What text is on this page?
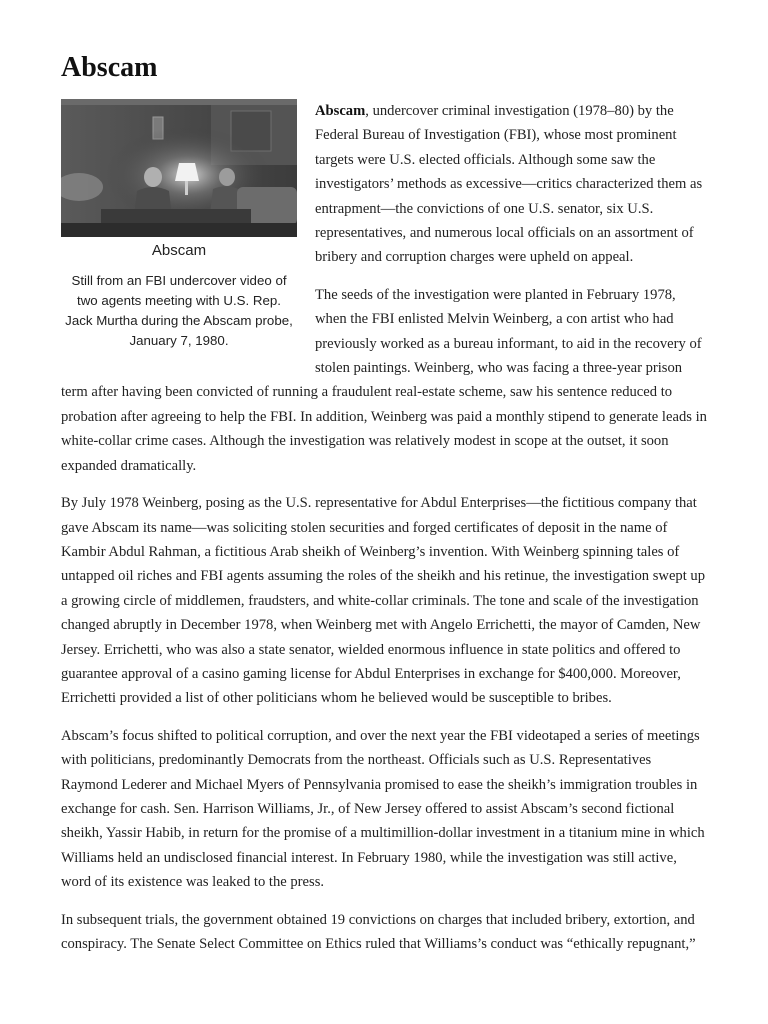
Abscam
Abscam
Still from an FBI undercover video of two agents meeting with U.S. Rep. Jack Murtha during the Abscam probe, January 7, 1980.

Abscam, undercover criminal investigation (1978–80) by the Federal Bureau of Investigation (FBI), whose most prominent targets were U.S. elected officials. Although some saw the investigators’ methods as excessive—critics characterized them as entrapment—the convictions of one U.S. senator, six U.S. representatives, and numerous local officials on an assortment of bribery and corruption charges were upheld on appeal.

The seeds of the investigation were planted in February 1978, when the FBI enlisted Melvin Weinberg, a con artist who had previously worked as a bureau informant, to aid in the recovery of stolen paintings. Weinberg, who was facing a three-year prison term after having been convicted of running a fraudulent real-estate scheme, saw his sentence reduced to probation after agreeing to help the FBI. In addition, Weinberg was paid a monthly stipend to generate leads in white-collar crime cases. Although the investigation was relatively modest in scope at the outset, it soon expanded dramatically.

By July 1978 Weinberg, posing as the U.S. representative for Abdul Enterprises—the fictitious company that gave Abscam its name—was soliciting stolen securities and forged certificates of deposit in the name of Kambir Abdul Rahman, a fictitious Arab sheikh of Weinberg’s invention. With Weinberg spinning tales of untapped oil riches and FBI agents assuming the roles of the sheikh and his retinue, the investigation swept up a growing circle of middlemen, fraudsters, and white-collar criminals. The tone and scale of the investigation changed abruptly in December 1978, when Weinberg met with Angelo Errichetti, the mayor of Camden, New Jersey. Errichetti, who was also a state senator, wielded enormous influence in state politics and offered to guarantee approval of a casino gaming license for Abdul Enterprises in exchange for $400,000. Moreover, Errichetti provided a list of other politicians whom he believed would be susceptible to bribes.

Abscam’s focus shifted to political corruption, and over the next year the FBI videotaped a series of meetings with politicians, predominantly Democrats from the northeast. Officials such as U.S. Representatives Raymond Lederer and Michael Myers of Pennsylvania promised to ease the sheikh’s immigration troubles in exchange for cash. Sen. Harrison Williams, Jr., of New Jersey offered to assist Abscam’s second fictional sheikh, Yassir Habib, in return for the promise of a multimillion-dollar investment in a titanium mine in which Williams held an undisclosed financial interest. In February 1980, while the investigation was still active, word of its existence was leaked to the press.

In subsequent trials, the government obtained 19 convictions on charges that included bribery, extortion, and conspiracy. The Senate Select Committee on Ethics ruled that Williams’s conduct was “ethically repugnant,”
